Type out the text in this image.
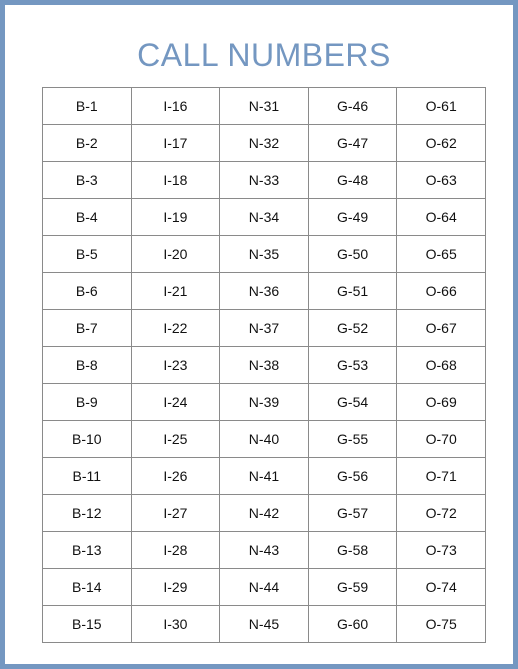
CALL NUMBERS
B-1	I-16	N-31	G-46	O-61
B-2	I-17	N-32	G-47	O-62
B-3	I-18	N-33	G-48	O-63
B-4	I-19	N-34	G-49	O-64
B-5	I-20	N-35	G-50	O-65
B-6	I-21	N-36	G-51	O-66
B-7	I-22	N-37	G-52	O-67
B-8	I-23	N-38	G-53	O-68
B-9	I-24	N-39	G-54	O-69
B-10	I-25	N-40	G-55	O-70
B-11	I-26	N-41	G-56	O-71
B-12	I-27	N-42	G-57	O-72
B-13	I-28	N-43	G-58	O-73
B-14	I-29	N-44	G-59	O-74
B-15	I-30	N-45	G-60	O-75
